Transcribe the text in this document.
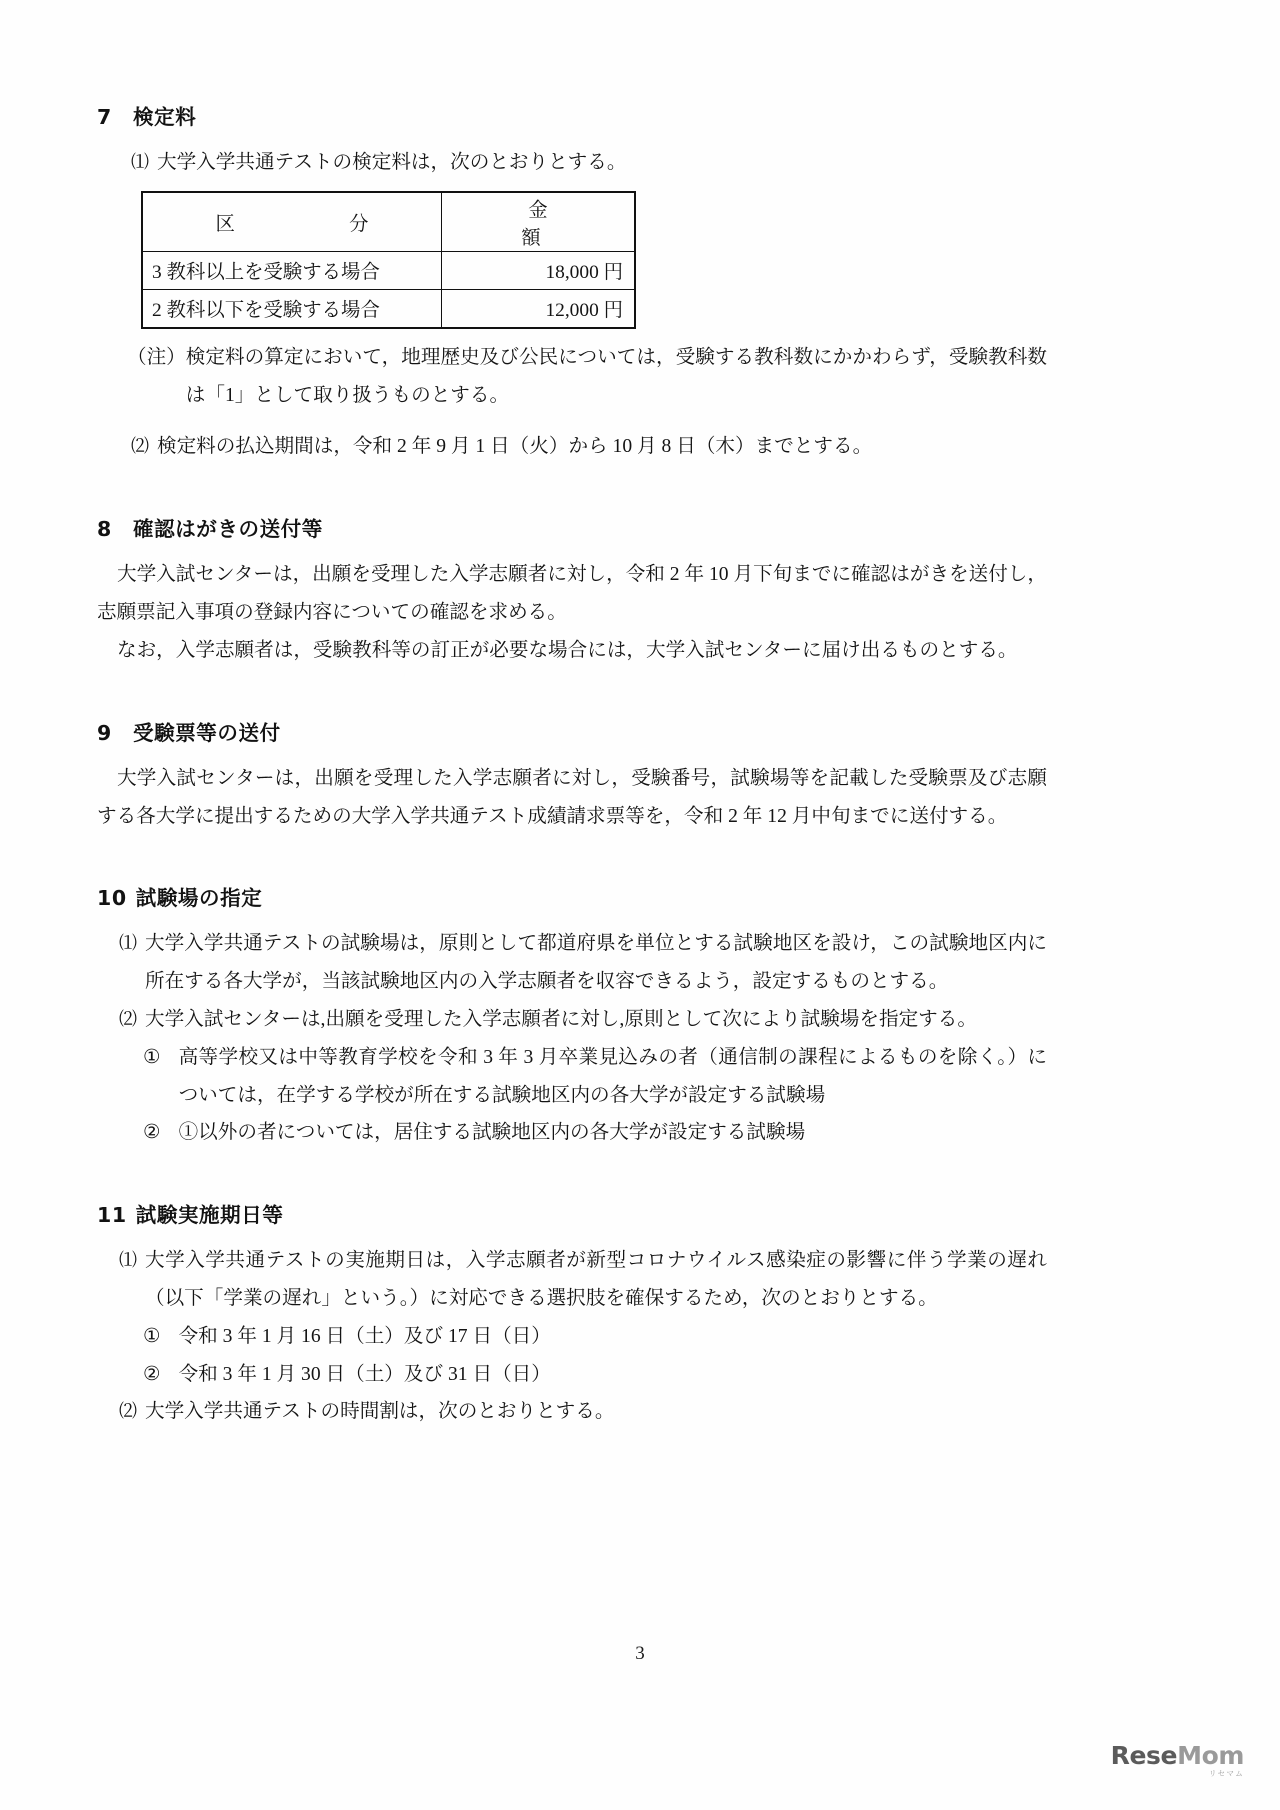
7	検定料
⑴ 大学入学共通テストの検定料は，次のとおりとする。
区　　　分	金　　　額
3 教科以上を受験する場合	18,000 円
2 教科以下を受験する場合	12,000 円
（注） 検定料の算定において，地理歴史及び公民については，受験する教科数にかかわらず，受験教科数は「1」として取り扱うものとする。
⑵ 検定料の払込期間は，令和 2 年 9 月 1 日（火）から 10 月 8 日（木）までとする。
8	確認はがきの送付等

大学入試センターは，出願を受理した入学志願者に対し，令和 2 年 10 月下旬までに確認はがきを送付し，志願票記入事項の登録内容についての確認を求める。

なお，入学志願者は，受験教科等の訂正が必要な場合には，大学入試センターに届け出るものとする。

9	受験票等の送付

大学入試センターは，出願を受理した入学志願者に対し，受験番号，試験場等を記載した受験票及び志願する各大学に提出するための大学入学共通テスト成績請求票等を，令和 2 年 12 月中旬までに送付する。

10 試験場の指定
⑴ 大学入学共通テストの試験場は，原則として都道府県を単位とする試験地区を設け，この試験地区内に所在する各大学が，当該試験地区内の入学志願者を収容できるよう，設定するものとする。
⑵ 大学入試センターは,出願を受理した入学志願者に対し,原則として次により試験場を指定する。
① 高等学校又は中等教育学校を令和 3 年 3 月卒業見込みの者（通信制の課程によるものを除く。）については，在学する学校が所在する試験地区内の各大学が設定する試験場
② ①以外の者については，居住する試験地区内の各大学が設定する試験場
11 試験実施期日等
⑴ 大学入学共通テストの実施期日は，入学志願者が新型コロナウイルス感染症の影響に伴う学業の遅れ（以下「学業の遅れ」という。）に対応できる選択肢を確保するため，次のとおりとする。
① 令和 3 年 1 月 16 日（土）及び 17 日（日）
② 令和 3 年 1 月 30 日（土）及び 31 日（日）
⑵ 大学入学共通テストの時間割は，次のとおりとする。
3
ReseMom
リセマム
